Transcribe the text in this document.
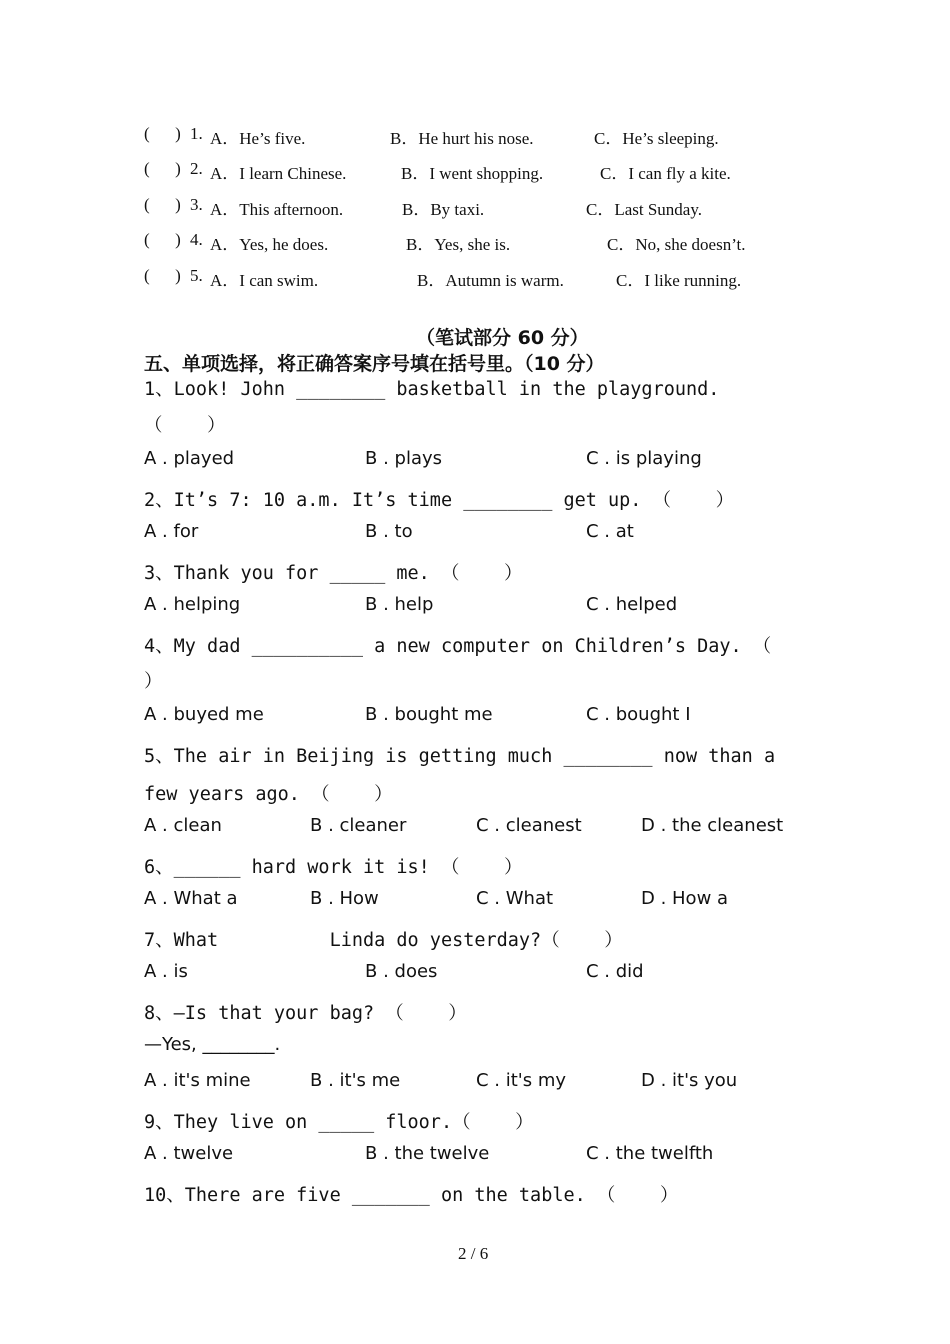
(      ) 1. A．He’s five.	B．He hurt his nose.	C．He’s sleeping.
(      ) 2. A．I learn Chinese.	B．I went shopping.	C．I can fly a kite.
(      ) 3. A．This afternoon.	B．By taxi.	C．Last Sunday.
(      ) 4. A．Yes, he does.	B．Yes, she is.	C．No, she doesn’t.
(      ) 5. A．I can swim.	B．Autumn is warm.	C．I like running.
（笔试部分 60 分）
五、单项选择，将正确答案序号填在括号里。（10 分）
1、Look! John ________ basketball in the playground.
（    ）
A . played	B . plays	C . is playing
2、It’s 7: 10 a.m. It’s time ________ get up. （    ）
A . for	B . to	C . at
3、Thank you for _____ me. （    ）
A . helping	B . help	C . helped
4、My dad __________ a new computer on Children’s Day. （
）
A . buyed me	B . bought me	C . bought I
5、The air in Beijing is getting much ________ now than a
few years ago. （    ）
A . clean	B . cleaner	C . cleanest	D . the cleanest
6、______ hard work it is! （    ）
A . What a	B . How	C . What	D . How a
7、What          Linda do yesterday?（    ）
A . is	B . does	C . did
8、—Is that your bag? （    ）
—Yes, ________.
A . it's mine	B . it's me	C . it's my	D . it's you
9、They live on _____ floor.（    ）
A . twelve	B . the twelve	C . the twelfth
10、There are five _______ on the table. （    ）
2 / 6
